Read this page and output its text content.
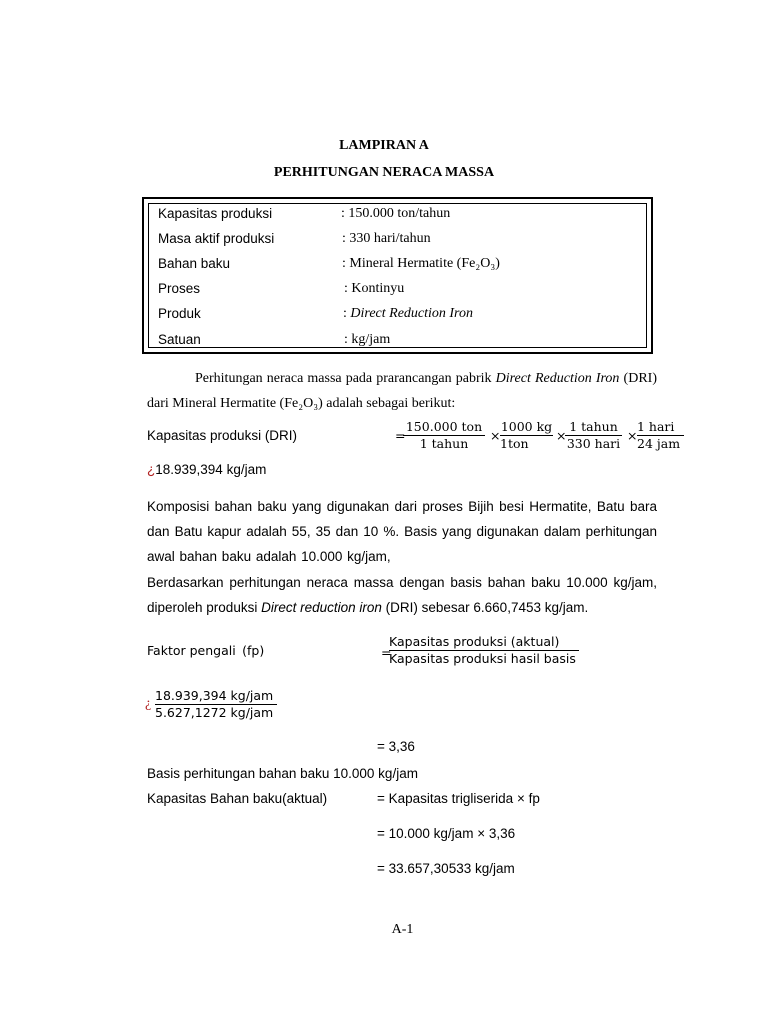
LAMPIRAN A
PERHITUNGAN NERACA MASSA
Kapasitas produksi	: 150.000 ton/tahun
Masa aktif produksi	: 330 hari/tahun
Bahan baku	: Mineral Hermatite (Fe₂O₃)
Proses	: Kontinyu
Produk	: Direct Reduction Iron
Satuan	: kg/jam
Perhitungan neraca massa pada prarancangan pabrik Direct Reduction Iron (DRI) dari Mineral Hermatite (Fe₂O₃) adalah sebagai berikut:
Kapasitas produksi (DRI)	=
150.000 ton
1 tahun
×
1000 kg
1ton
×
1 tahun
330 hari
×
1 hari
24 jam
¿18.939,394 kg/jam
Komposisi bahan baku yang digunakan dari proses Bijih besi Hermatite, Batu bara dan Batu kapur adalah 55, 35 dan 10 %. Basis yang digunakan dalam perhitungan awal bahan baku adalah 10.000 kg/jam,
Berdasarkan perhitungan neraca massa dengan basis bahan baku 10.000 kg/jam, diperoleh produksi Direct reduction iron (DRI) sebesar 6.660,7453 kg/jam.
Faktor pengali  (fp)	=
Kapasitas produksi (aktual)
Kapasitas produksi hasil basis
¿
18.939,394 kg/jam
5.627,1272 kg/jam
= 3,36
Basis perhitungan bahan baku 10.000 kg/jam
Kapasitas Bahan baku(aktual)	= Kapasitas trigliserida × fp
= 10.000 kg/jam × 3,36
= 33.657,30533 kg/jam
A-1
